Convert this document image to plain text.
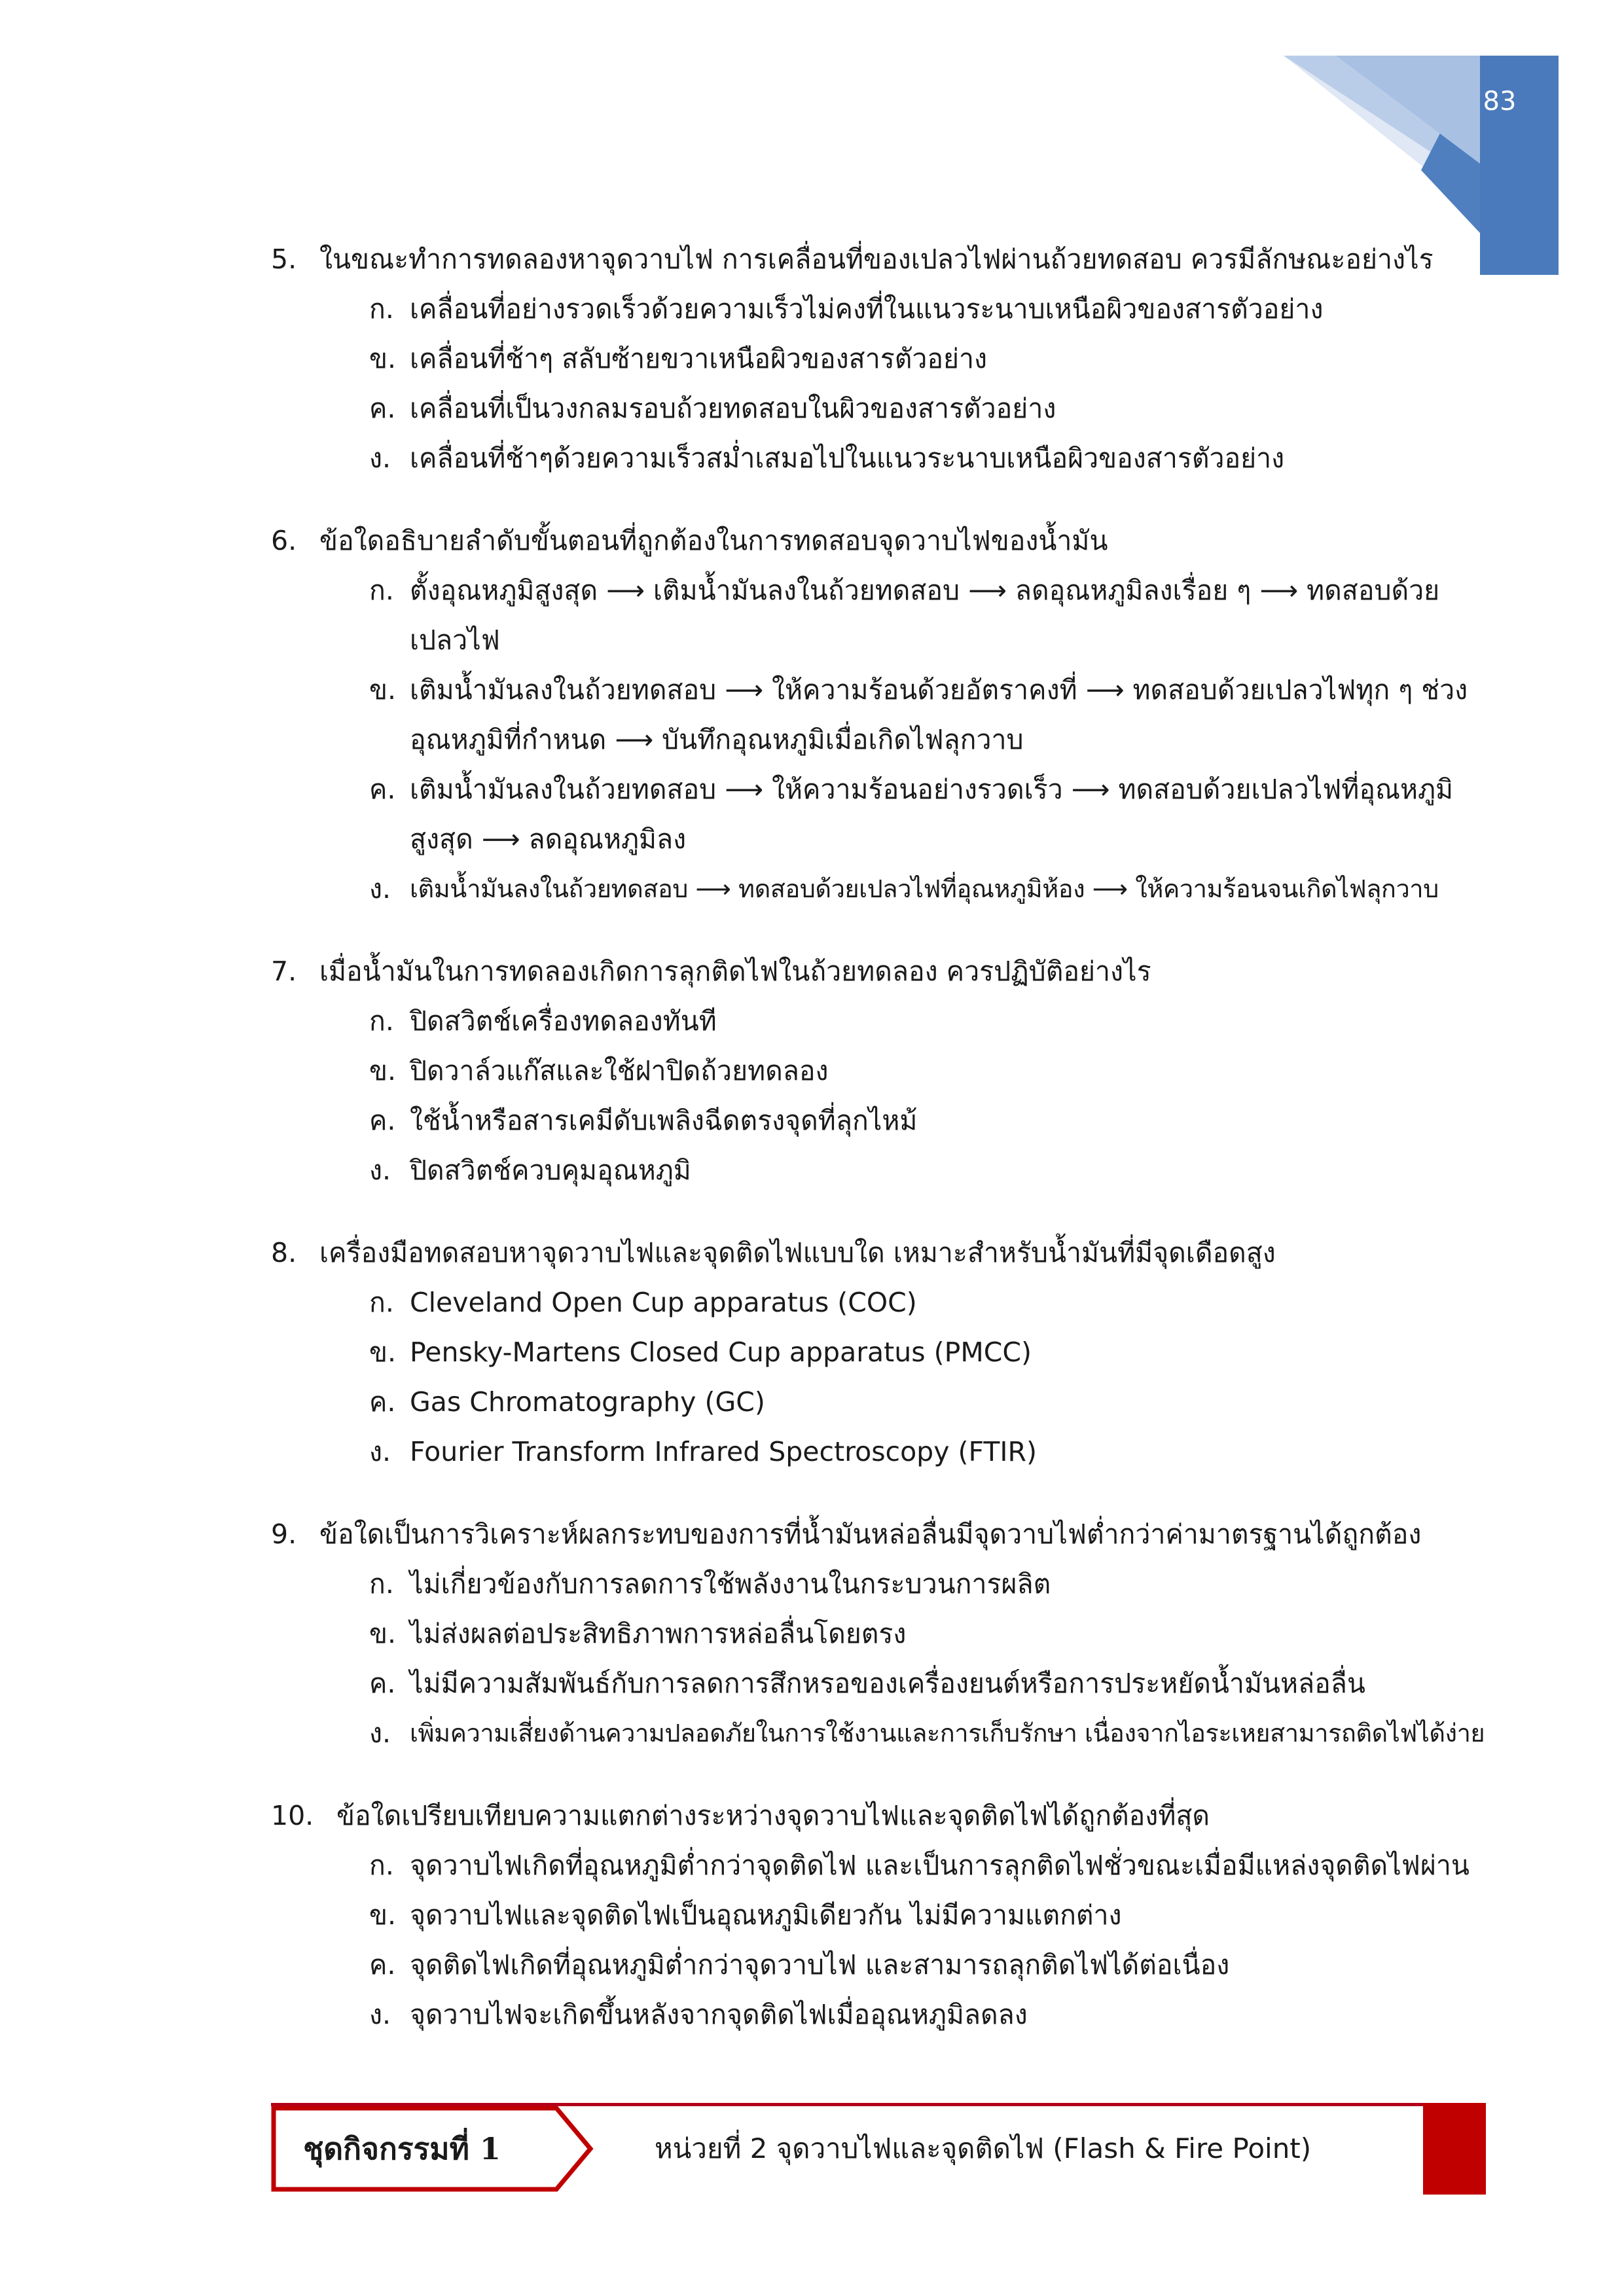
83
5. ในขณะทำการทดลองหาจุดวาบไฟ การเคลื่อนที่ของเปลวไฟผ่านถ้วยทดสอบ ควรมีลักษณะอย่างไร
ก. เคลื่อนที่อย่างรวดเร็วด้วยความเร็วไม่คงที่ในแนวระนาบเหนือผิวของสารตัวอย่าง
ข. เคลื่อนที่ช้าๆ สลับซ้ายขวาเหนือผิวของสารตัวอย่าง
ค. เคลื่อนที่เป็นวงกลมรอบถ้วยทดสอบในผิวของสารตัวอย่าง
ง. เคลื่อนที่ช้าๆด้วยความเร็วสม่ำเสมอไปในแนวระนาบเหนือผิวของสารตัวอย่าง
6. ข้อใดอธิบายลำดับขั้นตอนที่ถูกต้องในการทดสอบจุดวาบไฟของน้ำมัน
ก. ตั้งอุณหภูมิสูงสุด ⟶ เติมน้ำมันลงในถ้วยทดสอบ ⟶ ลดอุณหภูมิลงเรื่อย ๆ ⟶ ทดสอบด้วยเปลวไฟ
ข. เติมน้ำมันลงในถ้วยทดสอบ ⟶ ให้ความร้อนด้วยอัตราคงที่ ⟶ ทดสอบด้วยเปลวไฟทุก ๆ ช่วงอุณหภูมิที่กำหนด ⟶ บันทึกอุณหภูมิเมื่อเกิดไฟลุกวาบ
ค. เติมน้ำมันลงในถ้วยทดสอบ ⟶ ให้ความร้อนอย่างรวดเร็ว ⟶ ทดสอบด้วยเปลวไฟที่อุณหภูมิสูงสุด ⟶ ลดอุณหภูมิลง
ง. เติมน้ำมันลงในถ้วยทดสอบ ⟶ ทดสอบด้วยเปลวไฟที่อุณหภูมิห้อง ⟶ ให้ความร้อนจนเกิดไฟลุกวาบ
7. เมื่อน้ำมันในการทดลองเกิดการลุกติดไฟในถ้วยทดลอง ควรปฏิบัติอย่างไร
ก. ปิดสวิตช์เครื่องทดลองทันที
ข. ปิดวาล์วแก๊สและใช้ฝาปิดถ้วยทดลอง
ค. ใช้น้ำหรือสารเคมีดับเพลิงฉีดตรงจุดที่ลุกไหม้
ง. ปิดสวิตช์ควบคุมอุณหภูมิ
8. เครื่องมือทดสอบหาจุดวาบไฟและจุดติดไฟแบบใด เหมาะสำหรับน้ำมันที่มีจุดเดือดสูง
ก. Cleveland Open Cup apparatus (COC)
ข. Pensky-Martens Closed Cup apparatus (PMCC)
ค. Gas Chromatography (GC)
ง. Fourier Transform Infrared Spectroscopy (FTIR)
9. ข้อใดเป็นการวิเคราะห์ผลกระทบของการที่น้ำมันหล่อลื่นมีจุดวาบไฟต่ำกว่าค่ามาตรฐานได้ถูกต้อง
ก. ไม่เกี่ยวข้องกับการลดการใช้พลังงานในกระบวนการผลิต
ข. ไม่ส่งผลต่อประสิทธิภาพการหล่อลื่นโดยตรง
ค. ไม่มีความสัมพันธ์กับการลดการสึกหรอของเครื่องยนต์หรือการประหยัดน้ำมันหล่อลื่น
ง. เพิ่มความเสี่ยงด้านความปลอดภัยในการใช้งานและการเก็บรักษา เนื่องจากไอระเหยสามารถติดไฟได้ง่าย
10. ข้อใดเปรียบเทียบความแตกต่างระหว่างจุดวาบไฟและจุดติดไฟได้ถูกต้องที่สุด
ก. จุดวาบไฟเกิดที่อุณหภูมิต่ำกว่าจุดติดไฟ และเป็นการลุกติดไฟชั่วขณะเมื่อมีแหล่งจุดติดไฟผ่าน
ข. จุดวาบไฟและจุดติดไฟเป็นอุณหภูมิเดียวกัน ไม่มีความแตกต่าง
ค. จุดติดไฟเกิดที่อุณหภูมิต่ำกว่าจุดวาบไฟ และสามารถลุกติดไฟได้ต่อเนื่อง
ง. จุดวาบไฟจะเกิดขึ้นหลังจากจุดติดไฟเมื่ออุณหภูมิลดลง
ชุดกิจกรรมที่ 1	หน่วยที่ 2 จุดวาบไฟและจุดติดไฟ (Flash & Fire Point)
